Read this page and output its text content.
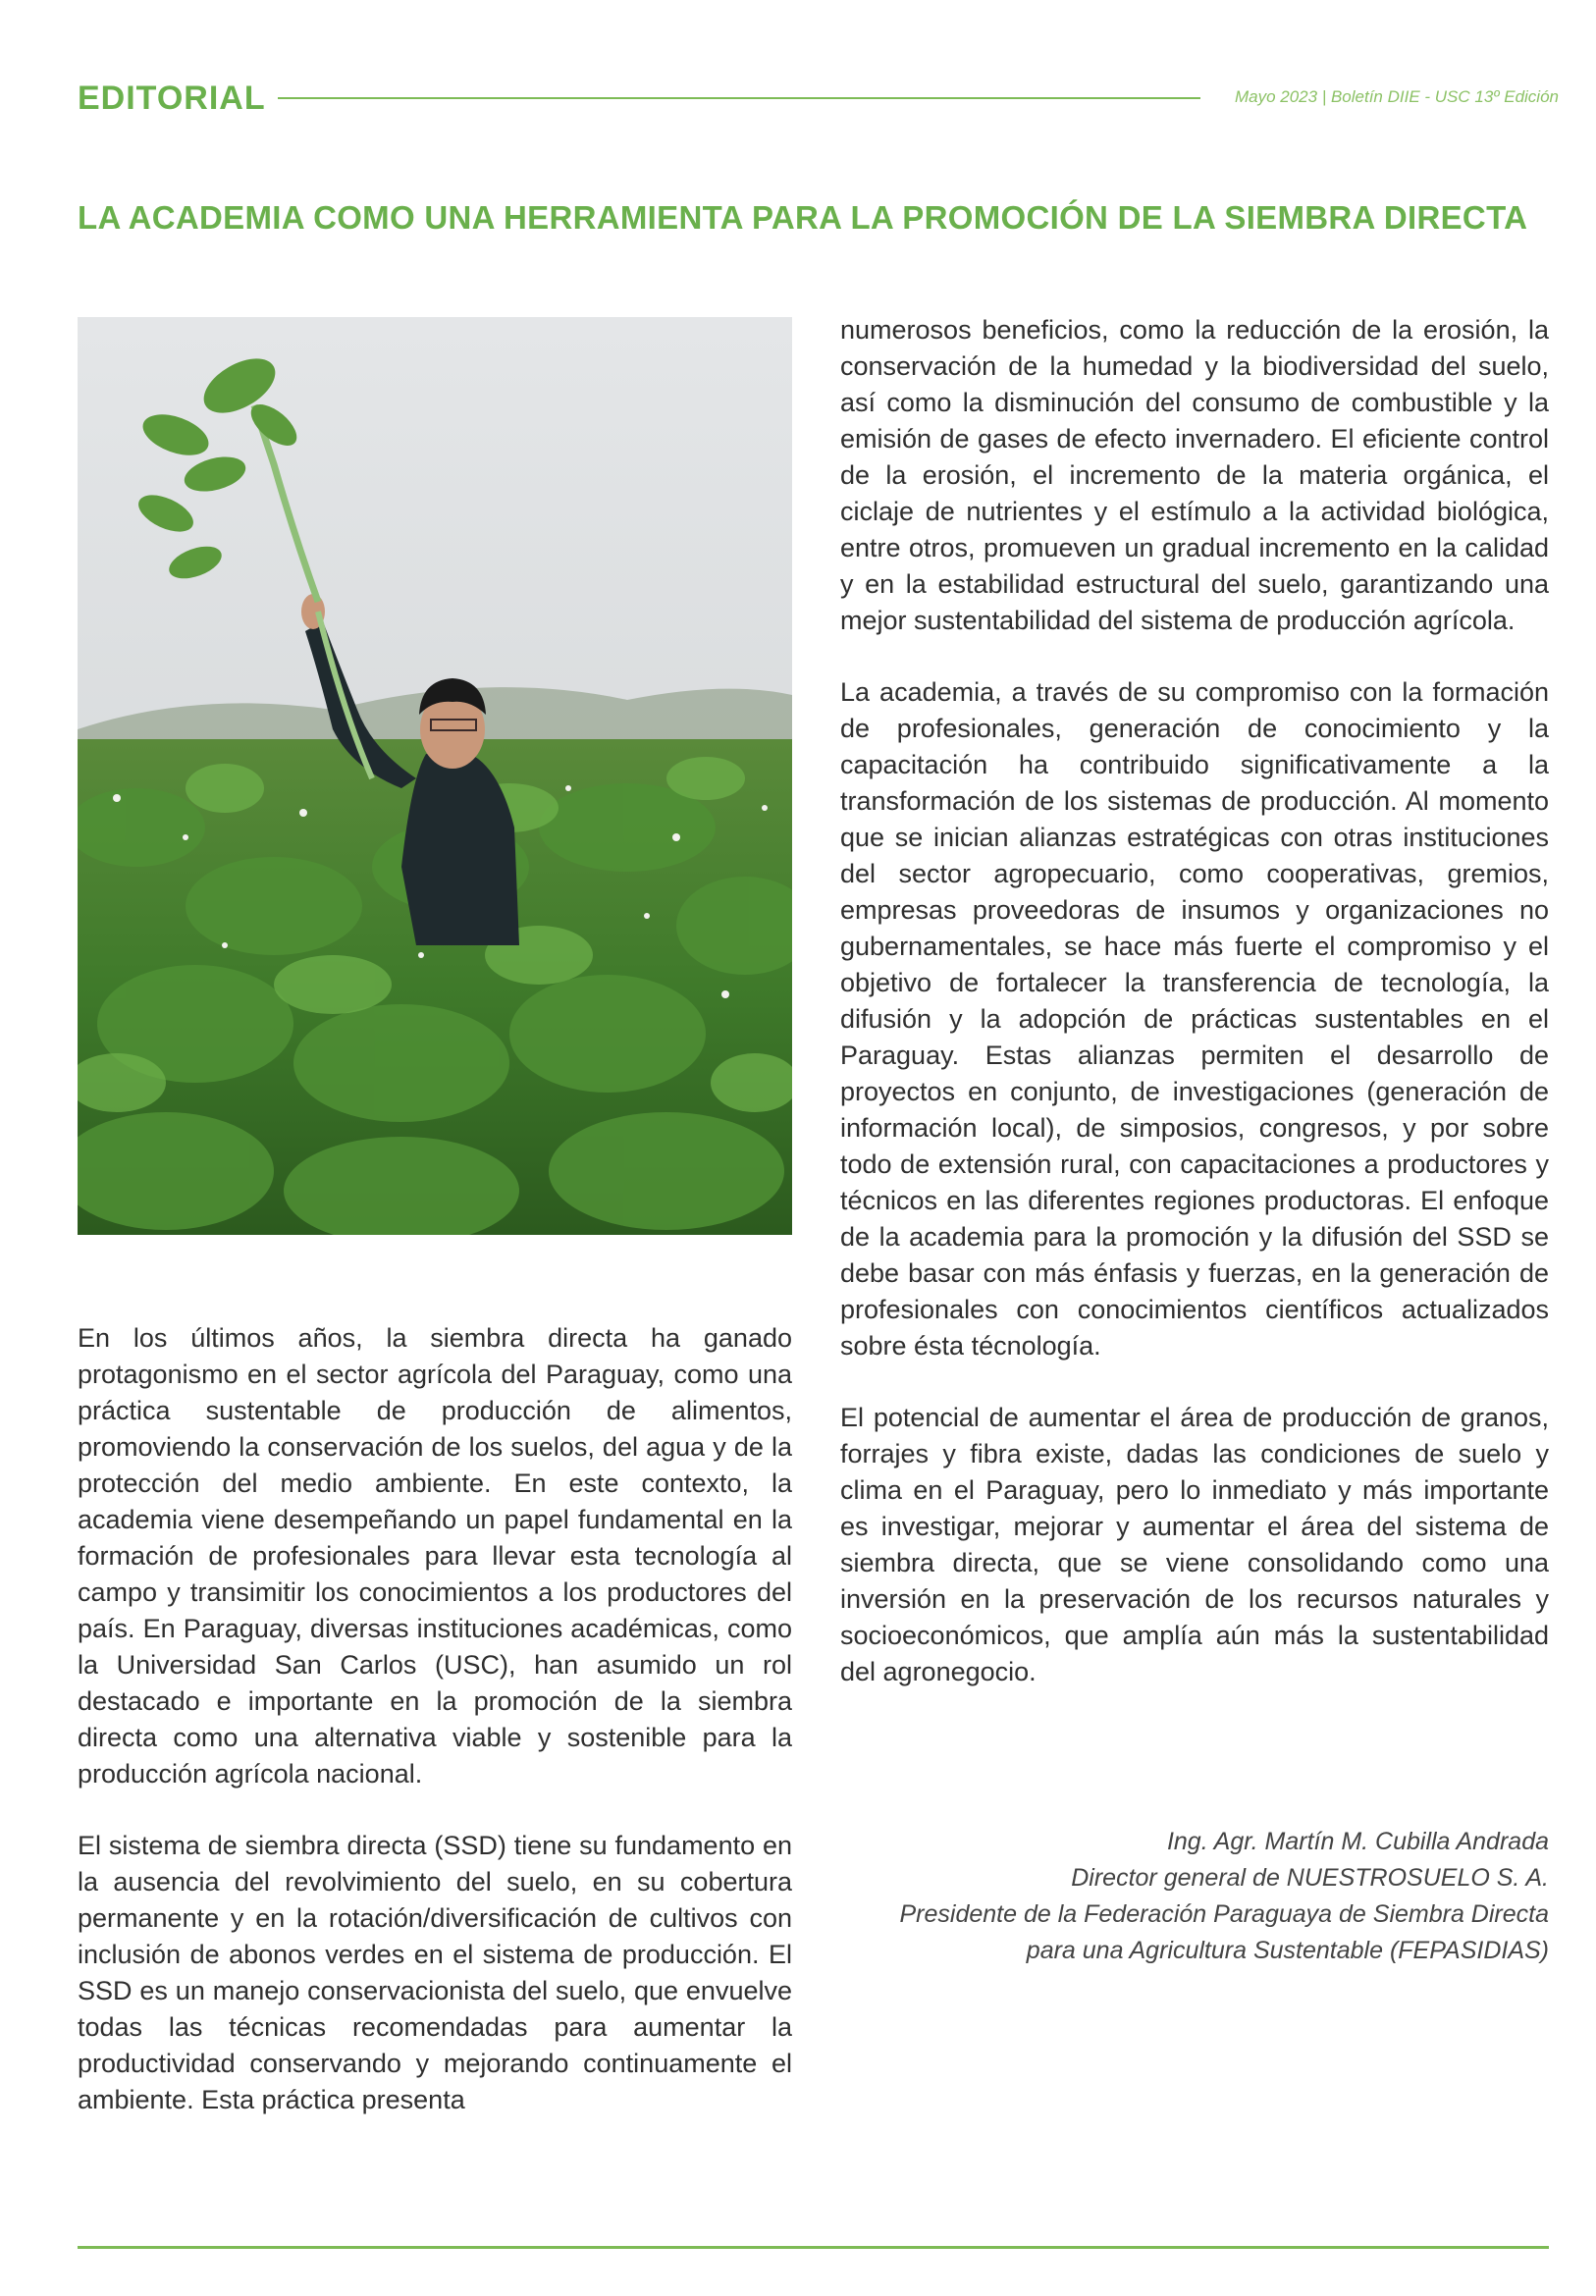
EDITORIAL	Mayo 2023 | Boletín DIIE - USC 13º Edición
LA ACADEMIA COMO UNA HERRAMIENTA PARA LA PROMOCIÓN DE LA SIEMBRA DIRECTA

En los últimos años, la siembra directa ha ganado protagonismo en el sector agrícola del Paraguay, como una práctica sustentable de producción de alimentos, promoviendo la conservación de los suelos, del agua y de la protección del medio ambiente. En este contexto, la academia viene desempeñando un papel fundamental en la formación de profesionales para llevar esta tecnología al campo y transimitir los conocimientos a los productores del país. En Paraguay, diversas instituciones académicas, como la Universidad San Carlos (USC), han asumido un rol destacado e importante en la promoción de la siembra directa como una alternativa viable y sostenible para la producción agrícola nacional.

El sistema de siembra directa (SSD) tiene su fundamento en la ausencia del revolvimiento del suelo, en su cobertura permanente y en la rotación/diversificación de cultivos con inclusión de abonos verdes en el sistema de producción. El SSD es un manejo conservacionista del suelo, que envuelve todas las técnicas recomendadas para aumentar la productividad conservando y mejorando continuamente el ambiente. Esta práctica presenta

numerosos beneficios, como la reducción de la erosión, la conservación de la humedad y la biodiversidad del suelo, así como la disminución del consumo de combustible y la emisión de gases de efecto invernadero. El eficiente control de la erosión, el incremento de la materia orgánica, el ciclaje de nutrientes y el estímulo a la actividad biológica, entre otros, promueven un gradual incremento en la calidad y en la estabilidad estructural del suelo, garantizando una mejor sustentabilidad del sistema de producción agrícola.

La academia, a través de su compromiso con la formación de profesionales, generación de conocimiento y la capacitación ha contribuido significativamente a la transformación de los sistemas de producción. Al momento que se inician alianzas estratégicas con otras instituciones del sector agropecuario, como cooperativas, gremios, empresas proveedoras de insumos y organizaciones no gubernamentales, se hace más fuerte el compromiso y el objetivo de fortalecer la transferencia de tecnología, la difusión y la adopción de prácticas sustentables en el Paraguay. Estas alianzas permiten el desarrollo de proyectos en conjunto, de investigaciones (generación de información local), de simposios, congresos, y por sobre todo de extensión rural, con capacitaciones a productores y técnicos en las diferentes regiones productoras. El enfoque de la academia para la promoción y la difusión del SSD se debe basar con más énfasis y fuerzas, en la generación de profesionales con conocimientos científicos actualizados sobre ésta técnología.

El potencial de aumentar el área de producción de granos, forrajes y fibra existe, dadas las condiciones de suelo y clima en el Paraguay, pero lo inmediato y más importante es investigar, mejorar y aumentar el área del sistema de siembra directa, que se viene consolidando como una inversión en la preservación de los recursos naturales y socioeconómicos, que amplía aún más la sustentabilidad del agronegocio.

Ing. Agr. Martín M. Cubilla Andrada
Director general de NUESTROSUELO S. A.
Presidente de la Federación Paraguaya de Siembra Directa
para una Agricultura Sustentable (FEPASIDIAS)
